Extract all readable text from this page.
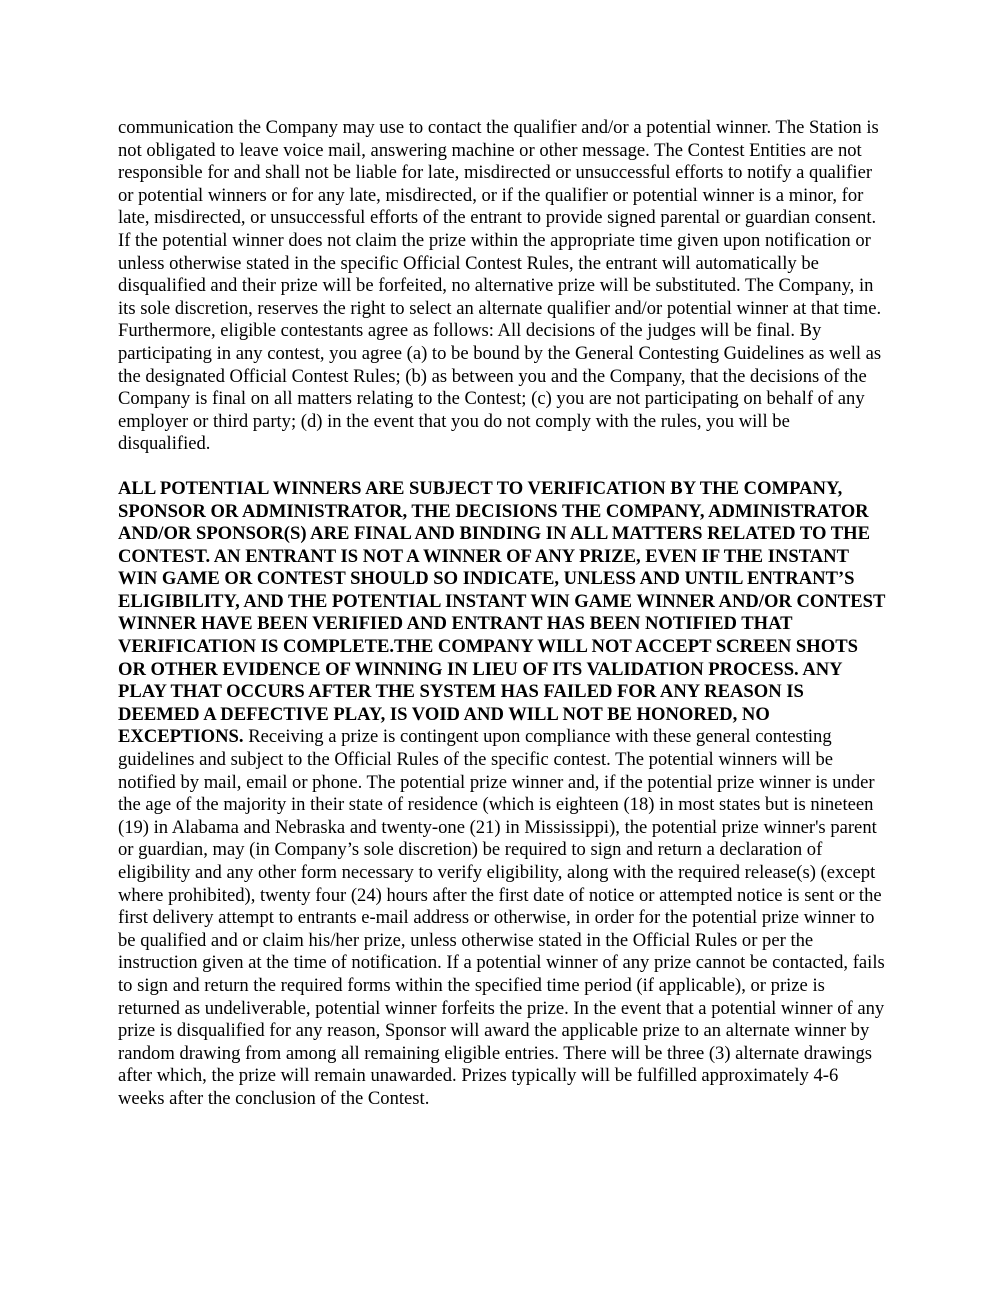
communication the Company may use to contact the qualifier and/or a potential winner. The Station is not obligated to leave voice mail, answering machine or other message. The Contest Entities are not responsible for and shall not be liable for late, misdirected or unsuccessful efforts to notify a qualifier or potential winners or for any late, misdirected, or if the qualifier or potential winner is a minor, for late, misdirected, or unsuccessful efforts of the entrant to provide signed parental or guardian consent. If the potential winner does not claim the prize within the appropriate time given upon notification or unless otherwise stated in the specific Official Contest Rules, the entrant will automatically be disqualified and their prize will be forfeited, no alternative prize will be substituted. The Company, in its sole discretion, reserves the right to select an alternate qualifier and/or potential winner at that time. Furthermore, eligible contestants agree as follows: All decisions of the judges will be final. By participating in any contest, you agree (a) to be bound by the General Contesting Guidelines as well as the designated Official Contest Rules; (b) as between you and the Company, that the decisions of the Company is final on all matters relating to the Contest; (c) you are not participating on behalf of any employer or third party; (d) in the event that you do not comply with the rules, you will be disqualified.

ALL POTENTIAL WINNERS ARE SUBJECT TO VERIFICATION BY THE COMPANY, SPONSOR OR ADMINISTRATOR, THE DECISIONS THE COMPANY, ADMINISTRATOR AND/OR SPONSOR(S) ARE FINAL AND BINDING IN ALL MATTERS RELATED TO THE CONTEST. AN ENTRANT IS NOT A WINNER OF ANY PRIZE, EVEN IF THE INSTANT WIN GAME OR CONTEST SHOULD SO INDICATE, UNLESS AND UNTIL ENTRANT’S ELIGIBILITY, AND THE POTENTIAL INSTANT WIN GAME WINNER AND/OR CONTEST WINNER HAVE BEEN VERIFIED AND ENTRANT HAS BEEN NOTIFIED THAT VERIFICATION IS COMPLETE.THE COMPANY WILL NOT ACCEPT SCREEN SHOTS OR OTHER EVIDENCE OF WINNING IN LIEU OF ITS VALIDATION PROCESS. ANY PLAY THAT OCCURS AFTER THE SYSTEM HAS FAILED FOR ANY REASON IS DEEMED A DEFECTIVE PLAY, IS VOID AND WILL NOT BE HONORED, NO EXCEPTIONS. Receiving a prize is contingent upon compliance with these general contesting guidelines and subject to the Official Rules of the specific contest. The potential winners will be notified by mail, email or phone. The potential prize winner and, if the potential prize winner is under the age of the majority in their state of residence (which is eighteen (18) in most states but is nineteen (19) in Alabama and Nebraska and twenty-one (21) in Mississippi), the potential prize winner's parent or guardian, may (in Company’s sole discretion) be required to sign and return a declaration of eligibility and any other form necessary to verify eligibility, along with the required release(s) (except where prohibited), twenty four (24) hours after the first date of notice or attempted notice is sent or the first delivery attempt to entrants e-mail address or otherwise, in order for the potential prize winner to be qualified and or claim his/her prize, unless otherwise stated in the Official Rules or per the instruction given at the time of notification. If a potential winner of any prize cannot be contacted, fails to sign and return the required forms within the specified time period (if applicable), or prize is returned as undeliverable, potential winner forfeits the prize. In the event that a potential winner of any prize is disqualified for any reason, Sponsor will award the applicable prize to an alternate winner by random drawing from among all remaining eligible entries. There will be three (3) alternate drawings after which, the prize will remain unawarded. Prizes typically will be fulfilled approximately 4-6 weeks after the conclusion of the Contest.
